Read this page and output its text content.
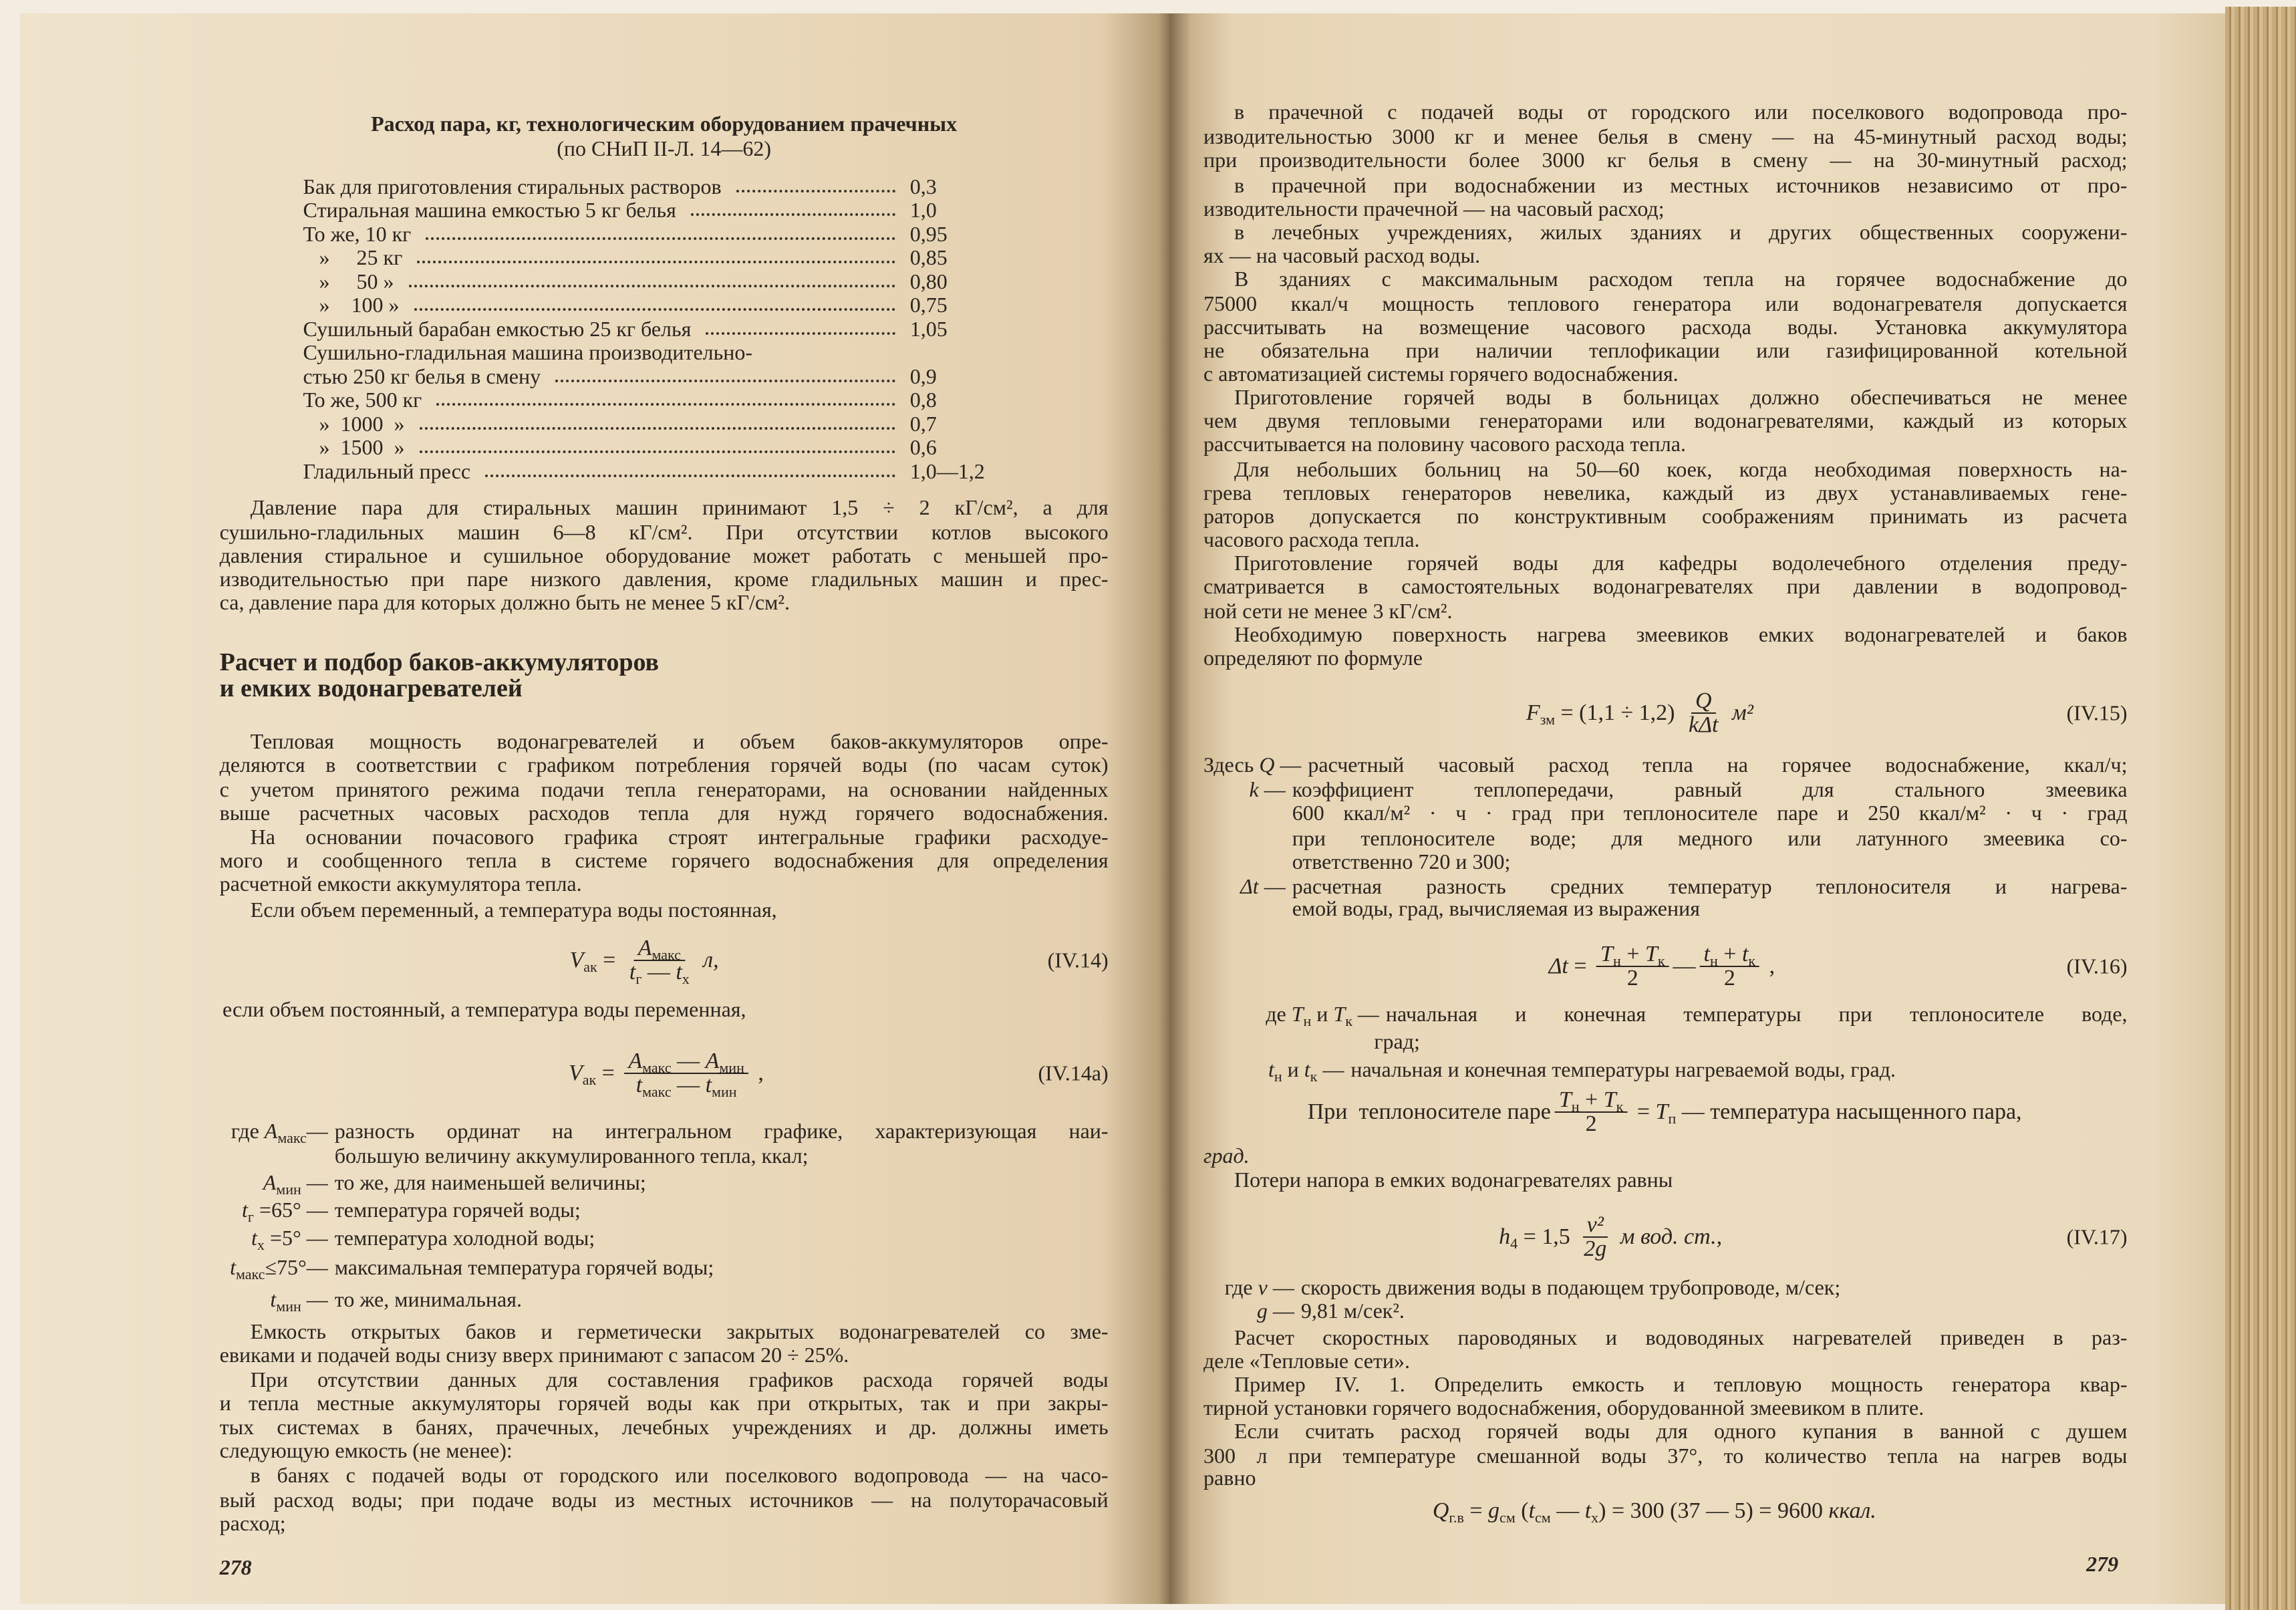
Расход пара, кг, технологическим оборудованием прачечных
(по СНиП II-Л. 14—62)
Бак для приготовления стиральных растворов	0,3
Стиральная машина емкостью 5 кг белья	1,0
То же, 10 кг	0,95
»     25 кг	0,85
»     50 »	0,80
»    100 »	0,75
Сушильный барабан емкостью 25 кг белья	1,05
Сушильно-гладильная машина производительно-
стью 250 кг белья в смену	0,9
То же, 500 кг	0,8
»  1000  »	0,7
»  1500  »	0,6
Гладильный пресс	1,0—1,2
Давление пара для стиральных машин принимают 1,5 ÷ 2 кГ/см², а для
сушильно-гладильных машин 6—8 кГ/см². При отсутствии котлов высокого
давления стиральное и сушильное оборудование может работать с меньшей про-
изводительностью при паре низкого давления, кроме гладильных машин и прес-
са, давление пара для которых должно быть не менее 5 кГ/см².
Расчет и подбор баков-аккумуляторов
и емких водонагревателей
Тепловая мощность водонагревателей и объем баков-аккумуляторов опре-
деляются в соответствии с графиком потребления горячей воды (по часам суток)
с учетом принятого режима подачи тепла генераторами, на основании найденных
выше расчетных часовых расходов тепла для нужд горячего водоснабжения.
На основании почасового графика строят интегральные графики расходуе-
мого и сообщенного тепла в системе горячего водоснабжения для определения
расчетной емкости аккумулятора тепла.
Если объем переменный, а температура воды постоянная,
$V_{ак} = \frac{A_{макс}}{t_г — t_х} л$,	(IV.14)
если объем постоянный, а температура воды переменная,
$V_{ак} = \frac{A_{макс} — A_{мин}}{t_{макс} — t_{мин}}$ ,	(IV.14a)
где $A_{макс}—$ разность ординат на интегральном графике, характеризующая наи-
большую величину аккумулированного тепла, ккал;
$A_{мин}$ — то же, для наименьшей величины;
$t_г =65^\circ$ — температура горячей воды;
$t_х =5^\circ$ — температура холодной воды;
$t_{макс}\le 75^\circ—$ максимальная температура горячей воды;
$t_{мин}$ — то же, минимальная.
Емкость открытых баков и герметически закрытых водонагревателей со зме-
евиками и подачей воды снизу вверх принимают с запасом 20 ÷ 25%.
При отсутствии данных для составления графиков расхода горячей воды
и тепла местные аккумуляторы горячей воды как при открытых, так и при закры-
тых системах в банях, прачечных, лечебных учреждениях и др. должны иметь
следующую емкость (не менее):
в банях с подачей воды от городского или поселкового водопровода — на часо-
вый расход воды; при подаче воды из местных источников — на полуторачасовый
расход;
278
в прачечной с подачей воды от городского или поселкового водопровода про-
изводительностью 3000 кг и менее белья в смену — на 45-минутный расход воды;
при производительности более 3000 кг белья в смену — на 30-минутный расход;
в прачечной при водоснабжении из местных источников независимо от про-
изводительности прачечной — на часовый расход;
в лечебных учреждениях, жилых зданиях и других общественных сооружени-
ях — на часовый расход воды.
В зданиях с максимальным расходом тепла на горячее водоснабжение до
75000 ккал/ч мощность теплового генератора или водонагревателя допускается
рассчитывать на возмещение часового расхода воды. Установка аккумулятора
не обязательна при наличии теплофикации или газифицированной котельной
с автоматизацией системы горячего водоснабжения.
Приготовление горячей воды в больницах должно обеспечиваться не менее
чем двумя тепловыми генераторами или водонагревателями, каждый из которых
рассчитывается на половину часового расхода тепла.
Для небольших больниц на 50—60 коек, когда необходимая поверхность на-
грева тепловых генераторов невелика, каждый из двух устанавливаемых гене-
раторов допускается по конструктивным соображениям принимать из расчета
часового расхода тепла.
Приготовление горячей воды для кафедры водолечебного отделения преду-
сматривается в самостоятельных водонагревателях при давлении в водопровод-
ной сети не менее 3 кГ/см².
Необходимую поверхность нагрева змеевиков емких водонагревателей и баков
определяют по формуле
$F_{зм} = (1,1 \div 1,2) \frac{Q}{\text{kΔt}} м^2$	(IV.15)
Здесь Q — расчетный часовый расход тепла на горячее водоснабжение, ккал/ч;
k — коэффициент теплопередачи, равный для стального змеевика
600 ккал/м² · ч · град при теплоносителе паре и 250 ккал/м² · ч · град
при теплоносителе воде; для медного или латунного змеевика со-
ответственно 720 и 300;
Δt — расчетная разность средних температур теплоносителя и нагрева-
емой воды, град, вычисляемая из выражения
$\Delta t = \frac{T_н + T_к}{2}$ — $\frac{t_н + t_к}{2}$ ,	(IV.16)
де $T_н$ и $T_к$ — начальная и конечная температуры при теплоносителе воде,
град;
$t_н$ и $t_к$ — начальная и конечная температуры нагреваемой воды, град.
При  теплоносителе паре $\frac{T_н + T_к}{2} = T_п$ — температура насыщенного пара,
град.
Потери напора в емких водонагревателях равны
$h_4 = 1,5 \frac{\text{v²}}{2g}$ м вод. ст.,	(IV.17)
где v — скорость движения воды в подающем трубопроводе, м/сек;
g — 9,81 м/сек².
Расчет скоростных пароводяных и водоводяных нагревателей приведен в раз-
деле «Тепловые сети».
Пример IV. 1. Определить емкость и тепловую мощность генератора квар-
тирной установки горячего водоснабжения, оборудованной змеевиком в плите.
Если считать расход горячей воды для одного купания в ванной с душем
300 л при температуре смешанной воды 37°, то количество тепла на нагрев воды
равно
$Q_{г.в} = g_{см}$ ( $t_{см}$ — $t_х$ ) = 300 (37 — 5) = 9600 ккал.
279
